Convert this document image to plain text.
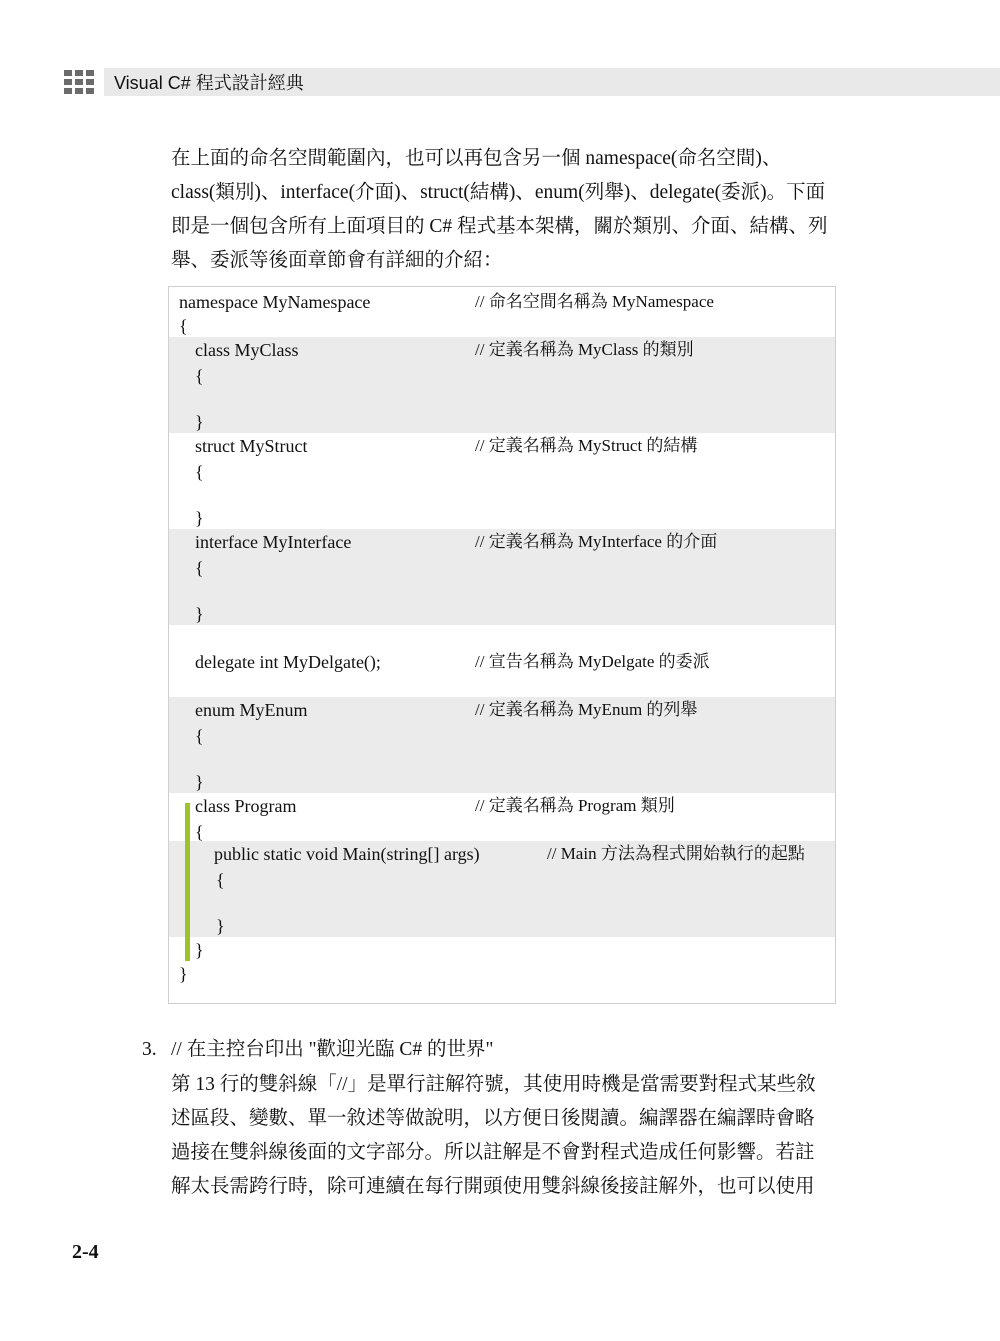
Visual C# 程式設計經典

在上面的命名空間範圍內，也可以再包含另一個 namespace(命名空間)、
class(類別)、interface(介面)、struct(結構)、enum(列舉)、delegate(委派)。下面
即是一個包含所有上面項目的 C# 程式基本架構，關於類別、介面、結構、列
舉、委派等後面章節會有詳細的介紹：

namespace MyNamespace	// 命名空間名稱為 MyNamespace
{
class MyClass	// 定義名稱為 MyClass 的類別
{
}
struct MyStruct	// 定義名稱為 MyStruct 的結構
{
}
interface MyInterface	// 定義名稱為 MyInterface 的介面
{
}
delegate int MyDelgate();	// 宣告名稱為 MyDelgate 的委派
enum MyEnum	// 定義名稱為 MyEnum 的列舉
{
}
class Program	// 定義名稱為 Program 類別
{
public static void Main(string[] args)	// Main 方法為程式開始執行的起點
{
}
}
}
3. // 在主控台印出 "歡迎光臨 C# 的世界"

第 13 行的雙斜線「//」是單行註解符號，其使用時機是當需要對程式某些敘
述區段、變數、單一敘述等做說明，以方便日後閱讀。編譯器在編譯時會略
過接在雙斜線後面的文字部分。所以註解是不會對程式造成任何影響。若註
解太長需跨行時，除可連續在每行開頭使用雙斜線後接註解外，也可以使用

2-4
